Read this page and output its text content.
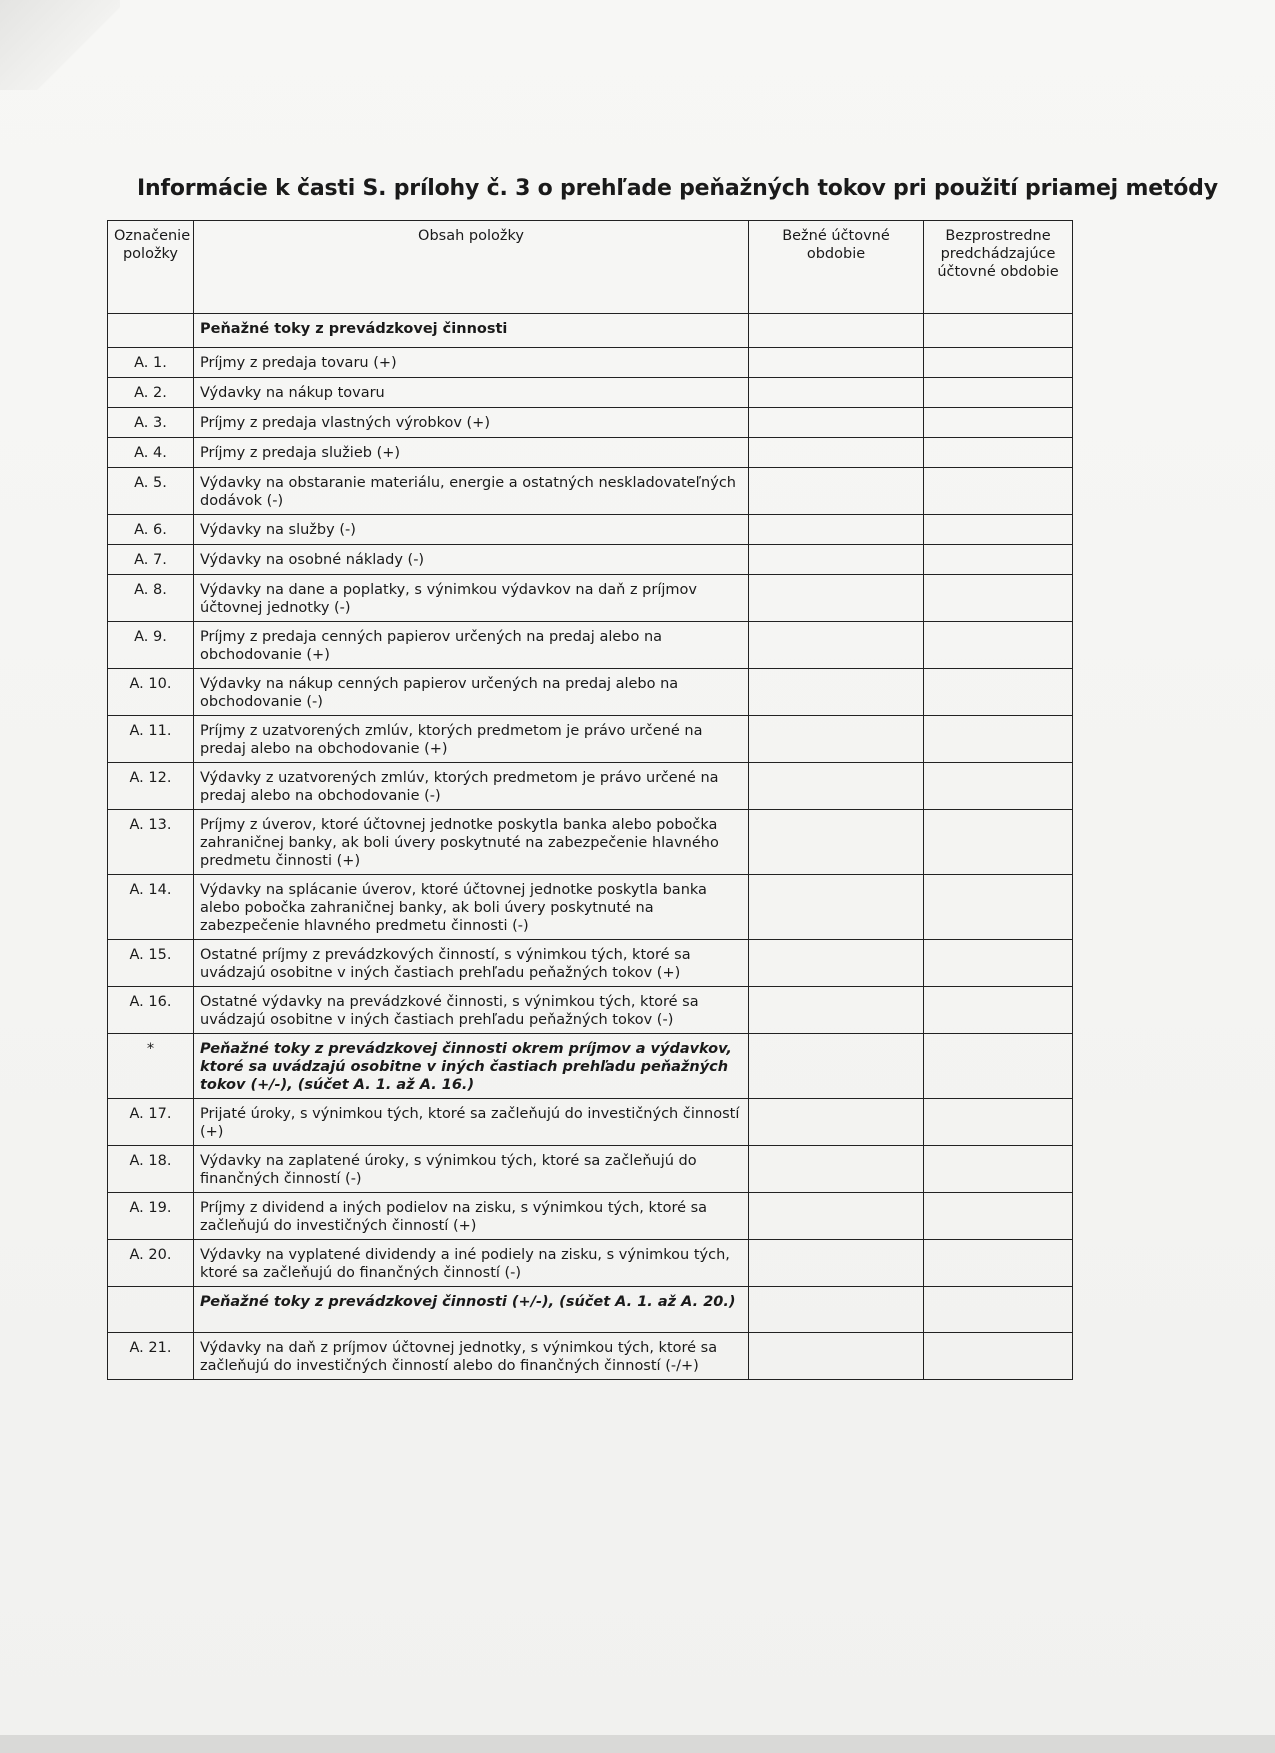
Informácie k časti S. prílohy č. 3 o prehľade peňažných tokov pri použití priamej metódy
Označenie položky	Obsah položky	Bežné účtovné obdobie	Bezprostredne predchádzajúce účtovné obdobie
	Peňažné toky z prevádzkovej činnosti		
A. 1.	Príjmy z predaja tovaru (+)		
A. 2.	Výdavky na nákup tovaru		
A. 3.	Príjmy z predaja vlastných výrobkov (+)		
A. 4.	Príjmy z predaja služieb (+)		
A. 5.	Výdavky na obstaranie materiálu, energie a ostatných neskladovateľných dodávok (-)		
A. 6.	Výdavky na služby (-)		
A. 7.	Výdavky na osobné náklady (-)		
A. 8.	Výdavky na dane a poplatky, s výnimkou výdavkov na daň z príjmov účtovnej jednotky (-)		
A. 9.	Príjmy z predaja cenných papierov určených na predaj alebo na obchodovanie (+)		
A. 10.	Výdavky na nákup cenných papierov určených na predaj alebo na obchodovanie (-)		
A. 11.	Príjmy z uzatvorených zmlúv, ktorých predmetom je právo určené na predaj alebo na obchodovanie (+)		
A. 12.	Výdavky z uzatvorených zmlúv, ktorých predmetom je právo určené na predaj alebo na obchodovanie (-)		
A. 13.	Príjmy z úverov, ktoré účtovnej jednotke poskytla banka alebo pobočka zahraničnej banky, ak boli úvery poskytnuté na zabezpečenie hlavného predmetu činnosti (+)		
A. 14.	Výdavky na splácanie úverov, ktoré účtovnej jednotke poskytla banka alebo pobočka zahraničnej banky, ak boli úvery poskytnuté na zabezpečenie hlavného predmetu činnosti (-)		
A. 15.	Ostatné príjmy z prevádzkových činností, s výnimkou tých, ktoré sa uvádzajú osobitne v iných častiach prehľadu peňažných tokov (+)		
A. 16.	Ostatné výdavky na prevádzkové činnosti, s výnimkou tých, ktoré sa uvádzajú osobitne v iných častiach prehľadu peňažných tokov (-)		
*	Peňažné toky z prevádzkovej činnosti okrem príjmov a výdavkov, ktoré sa uvádzajú osobitne v iných častiach prehľadu peňažných tokov (+/-), (súčet A. 1. až A. 16.)		
A. 17.	Prijaté úroky, s výnimkou tých, ktoré sa začleňujú do investičných činností (+)		
A. 18.	Výdavky na zaplatené úroky, s výnimkou tých, ktoré sa začleňujú do finančných činností (-)		
A. 19.	Príjmy z dividend a iných podielov na zisku, s výnimkou tých, ktoré sa začleňujú do investičných činností (+)		
A. 20.	Výdavky na vyplatené dividendy a iné podiely na zisku, s výnimkou tých, ktoré sa začleňujú do finančných činností (-)		
	Peňažné toky z prevádzkovej činnosti (+/-), (súčet A. 1. až A. 20.)		
A. 21.	Výdavky na daň z príjmov účtovnej jednotky, s výnimkou tých, ktoré sa začleňujú do investičných činností alebo do finančných činností (-/+)		
